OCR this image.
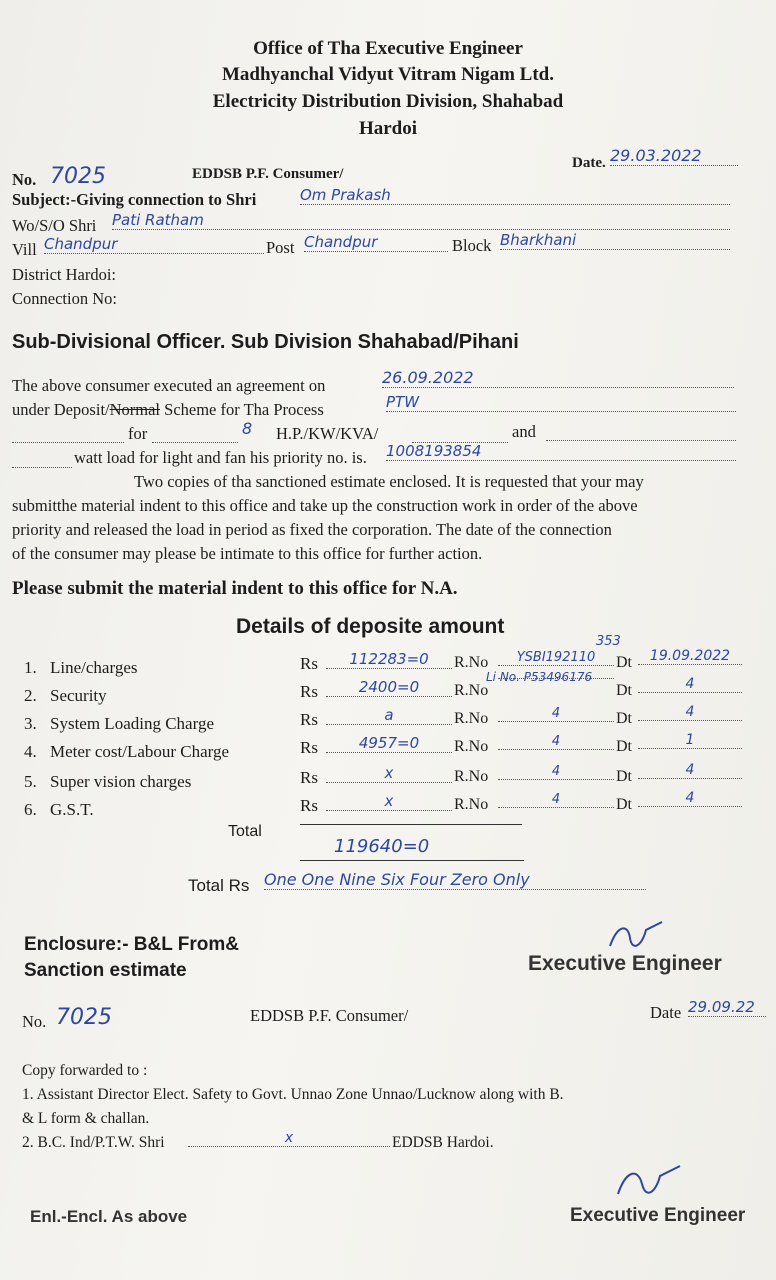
Office of Tha Executive Engineer
Madhyanchal Vidyut Vitram Nigam Ltd.
Electricity Distribution Division, Shahabad
Hardoi
No. 7025	EDDSB P.F. Consumer/
Date. 29.03.2022
Subject:-Giving connection to Shri	Om Prakash
Wo/S/O Shri Pati Ratham
Vill Chandpur	Post Chandpur	Block Bharkhani
District Hardoi:
Connection No:
Sub-Divisional Officer. Sub Division Shahabad/Pihani
The above consumer executed an agreement on	26.09.2022
under Deposit/Normal Scheme for Tha Process	PTW
for	8 H.P./KW/KVA/	and
watt load for light and fan his priority no. is. 1008193854
Two copies of tha sanctioned estimate enclosed. It is requested that your may
submitthe material indent to this office and take up the construction work in order of the above
priority and released the load in period as fixed the corporation. The date of the connection
of the consumer may please be intimate to this office for further action.
Please submit the material indent to this office for N.A.
Details of deposite amount
353
Li No. P53496176
1. Line/charges	Rs	112283=0	R.No	YSBI192110	Dt	19.09.2022
2. Security	Rs	2400=0	R.No	Dt	4
3. System Loading Charge	Rs	a	R.No	4	Dt	4
4. Meter cost/Labour Charge	Rs	4957=0	R.No	4	Dt	1
5. Super vision charges	Rs	x	R.No	4	Dt	4
6. G.S.T.	Rs	x	R.No	4	Dt	4
Total
119640=0
Total Rs One One Nine Six Four Zero Only
Enclosure:- B&L From&
Sanction estimate	Executive Engineer
No. 7025	EDDSB P.F. Consumer/	Date 29.09.22
Copy forwarded to :
1. Assistant Director Elect. Safety to Govt. Unnao Zone Unnao/Lucknow along with B.
& L form & challan.
2. B.C. Ind/P.T.W. Shri	x	EDDSB Hardoi.
Enl.-Encl. As above	Executive Engineer
